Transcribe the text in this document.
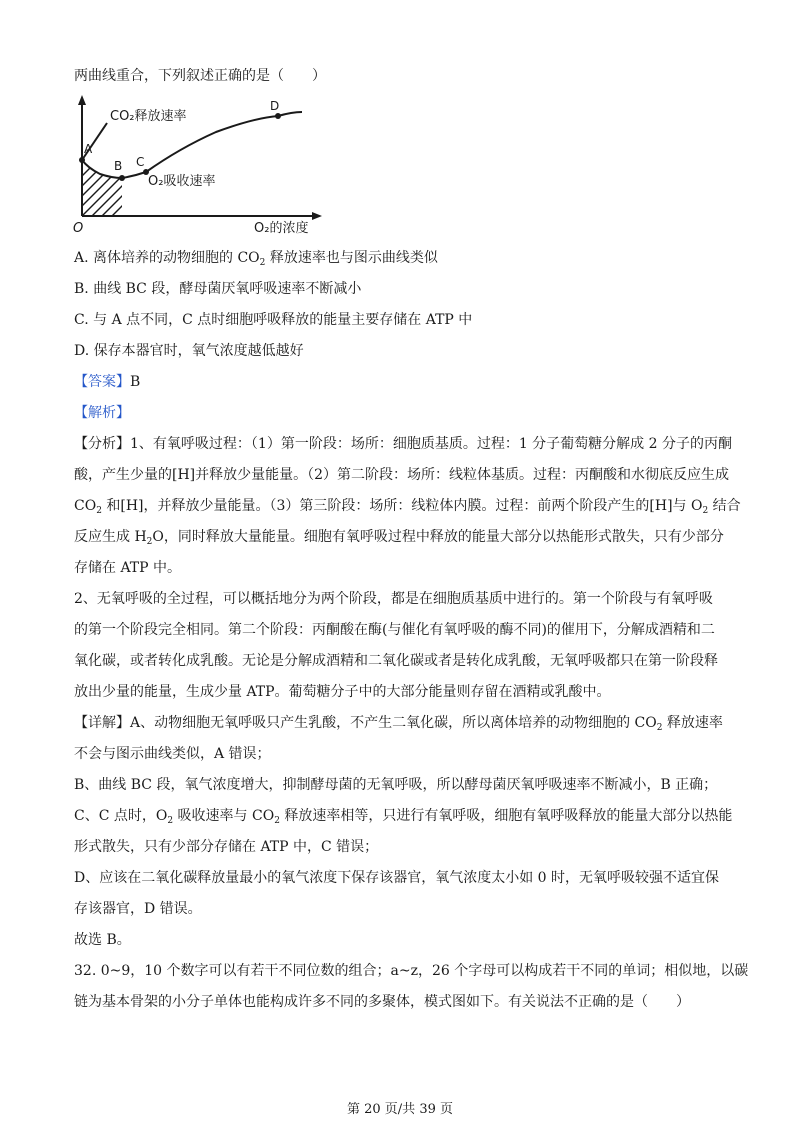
两曲线重合，下列叙述正确的是（　　）
CO₂释放速率
O₂吸收速率
O₂的浓度
O
A
B C
D
A. 离体培养的动物细胞的 $CO_2$ 释放速率也与图示曲线类似
B. 曲线 BC 段，酵母菌厌氧呼吸速率不断减小
C. 与 A 点不同，C 点时细胞呼吸释放的能量主要存储在 ATP 中
D. 保存本器官时，氧气浓度越低越好
【答案】B
【解析】
【分析】1、有氧呼吸过程：（1）第一阶段：场所：细胞质基质。过程：1 分子葡萄糖分解成 2 分子的丙酮
酸，产生少量的[H]并释放少量能量。（2）第二阶段：场所：线粒体基质。过程：丙酮酸和水彻底反应生成
$CO_2$ 和[H]，并释放少量能量。（3）第三阶段：场所：线粒体内膜。过程：前两个阶段产生的[H]与 $O_2$ 结合
反应生成 $H_2O$，同时释放大量能量。细胞有氧呼吸过程中释放的能量大部分以热能形式散失，只有少部分
存储在 ATP 中。
2、无氧呼吸的全过程，可以概括地分为两个阶段，都是在细胞质基质中进行的。第一个阶段与有氧呼吸
的第一个阶段完全相同。第二个阶段：丙酮酸在酶(与催化有氧呼吸的酶不同)的催用下，分解成酒精和二
氧化碳，或者转化成乳酸。无论是分解成酒精和二氧化碳或者是转化成乳酸，无氧呼吸都只在第一阶段释
放出少量的能量，生成少量 ATP。葡萄糖分子中的大部分能量则存留在酒精或乳酸中。
【详解】A、动物细胞无氧呼吸只产生乳酸，不产生二氧化碳，所以离体培养的动物细胞的 $CO_2$ 释放速率
不会与图示曲线类似，A 错误；
B、曲线 BC 段，氧气浓度增大，抑制酵母菌的无氧呼吸，所以酵母菌厌氧呼吸速率不断减小，B 正确；
C、C 点时，$O_2$ 吸收速率与 $CO_2$ 释放速率相等，只进行有氧呼吸，细胞有氧呼吸释放的能量大部分以热能
形式散失，只有少部分存储在 ATP 中，C 错误；
D、应该在二氧化碳释放量最小的氧气浓度下保存该器官，氧气浓度太小如 0 时，无氧呼吸较强不适宜保
存该器官，D 错误。
故选 B。
32. 0~9，10 个数字可以有若干不同位数的组合；a~z，26 个字母可以构成若干不同的单词；相似地，以碳
链为基本骨架的小分子单体也能构成许多不同的多聚体，模式图如下。有关说法不正确的是（　　）
第 20 页/共 39 页
